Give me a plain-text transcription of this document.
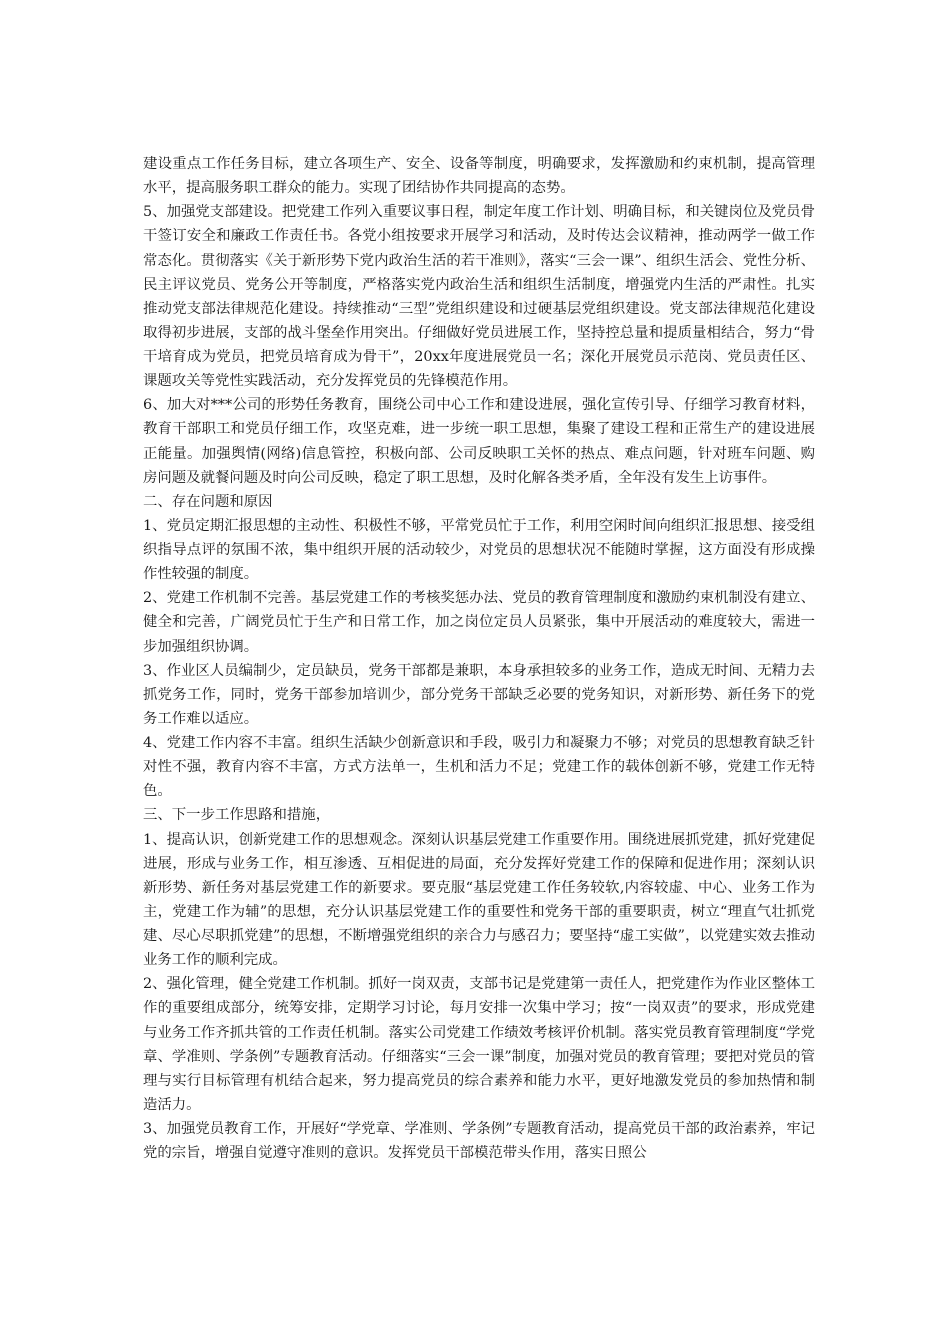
建设重点工作任务目标，建立各项生产、安全、设备等制度，明确要求，发挥激励和约束机制，提高管理水平，提高服务职工群众的能力。实现了团结协作共同提高的态势。

5、加强党支部建设。把党建工作列入重要议事日程，制定年度工作计划、明确目标，和关键岗位及党员骨干签订安全和廉政工作责任书。各党小组按要求开展学习和活动，及时传达会议精神，推动两学一做工作常态化。贯彻落实《关于新形势下党内政治生活的若干准则》，落实“三会一课”、组织生活会、党性分析、民主评议党员、党务公开等制度，严格落实党内政治生活和组织生活制度，增强党内生活的严肃性。扎实推动党支部法律规范化建设。持续推动“三型”党组织建设和过硬基层党组织建设。党支部法律规范化建设取得初步进展，支部的战斗堡垒作用突出。仔细做好党员进展工作，坚持控总量和提质量相结合，努力“骨干培育成为党员，把党员培育成为骨干”，20xx年度进展党员一名；深化开展党员示范岗、党员责任区、课题攻关等党性实践活动，充分发挥党员的先锋模范作用。

6、加大对***公司的形势任务教育，围绕公司中心工作和建设进展，强化宣传引导、仔细学习教育材料，教育干部职工和党员仔细工作，攻坚克难，进一步统一职工思想，集聚了建设工程和正常生产的建设进展正能量。加强舆情(网络)信息管控，积极向部、公司反映职工关怀的热点、难点问题，针对班车问题、购房问题及就餐问题及时向公司反映，稳定了职工思想，及时化解各类矛盾，全年没有发生上访事件。

二、存在问题和原因

1、党员定期汇报思想的主动性、积极性不够，平常党员忙于工作，利用空闲时间向组织汇报思想、接受组织指导点评的氛围不浓，集中组织开展的活动较少，对党员的思想状况不能随时掌握，这方面没有形成操作性较强的制度。

2、党建工作机制不完善。基层党建工作的考核奖惩办法、党员的教育管理制度和激励约束机制没有建立、健全和完善，广阔党员忙于生产和日常工作，加之岗位定员人员紧张，集中开展活动的难度较大，需进一步加强组织协调。

3、作业区人员编制少，定员缺员，党务干部都是兼职，本身承担较多的业务工作，造成无时间、无精力去抓党务工作，同时，党务干部参加培训少，部分党务干部缺乏必要的党务知识，对新形势、新任务下的党务工作难以适应。

4、党建工作内容不丰富。组织生活缺少创新意识和手段，吸引力和凝聚力不够；对党员的思想教育缺乏针对性不强，教育内容不丰富，方式方法单一，生机和活力不足；党建工作的载体创新不够，党建工作无特色。

三、下一步工作思路和措施，

1、提高认识，创新党建工作的思想观念。深刻认识基层党建工作重要作用。围绕进展抓党建，抓好党建促进展，形成与业务工作，相互渗透、互相促进的局面，充分发挥好党建工作的保障和促进作用；深刻认识新形势、新任务对基层党建工作的新要求。要克服“基层党建工作任务较软,内容较虚、中心、业务工作为主，党建工作为辅”的思想，充分认识基层党建工作的重要性和党务干部的重要职责，树立“理直气壮抓党建、尽心尽职抓党建”的思想，不断增强党组织的亲合力与感召力；要坚持“虚工实做”，以党建实效去推动业务工作的顺利完成。

2、强化管理，健全党建工作机制。抓好一岗双责，支部书记是党建第一责任人，把党建作为作业区整体工作的重要组成部分，统筹安排，定期学习讨论，每月安排一次集中学习；按“一岗双责”的要求，形成党建与业务工作齐抓共管的工作责任机制。落实公司党建工作绩效考核评价机制。落实党员教育管理制度“学党章、学准则、学条例”专题教育活动。仔细落实“三会一课”制度，加强对党员的教育管理；要把对党员的管理与实行目标管理有机结合起来，努力提高党员的综合素养和能力水平，更好地激发党员的参加热情和制造活力。

3、加强党员教育工作，开展好“学党章、学准则、学条例”专题教育活动，提高党员干部的政治素养，牢记党的宗旨，增强自觉遵守准则的意识。发挥党员干部模范带头作用，落实日照公
